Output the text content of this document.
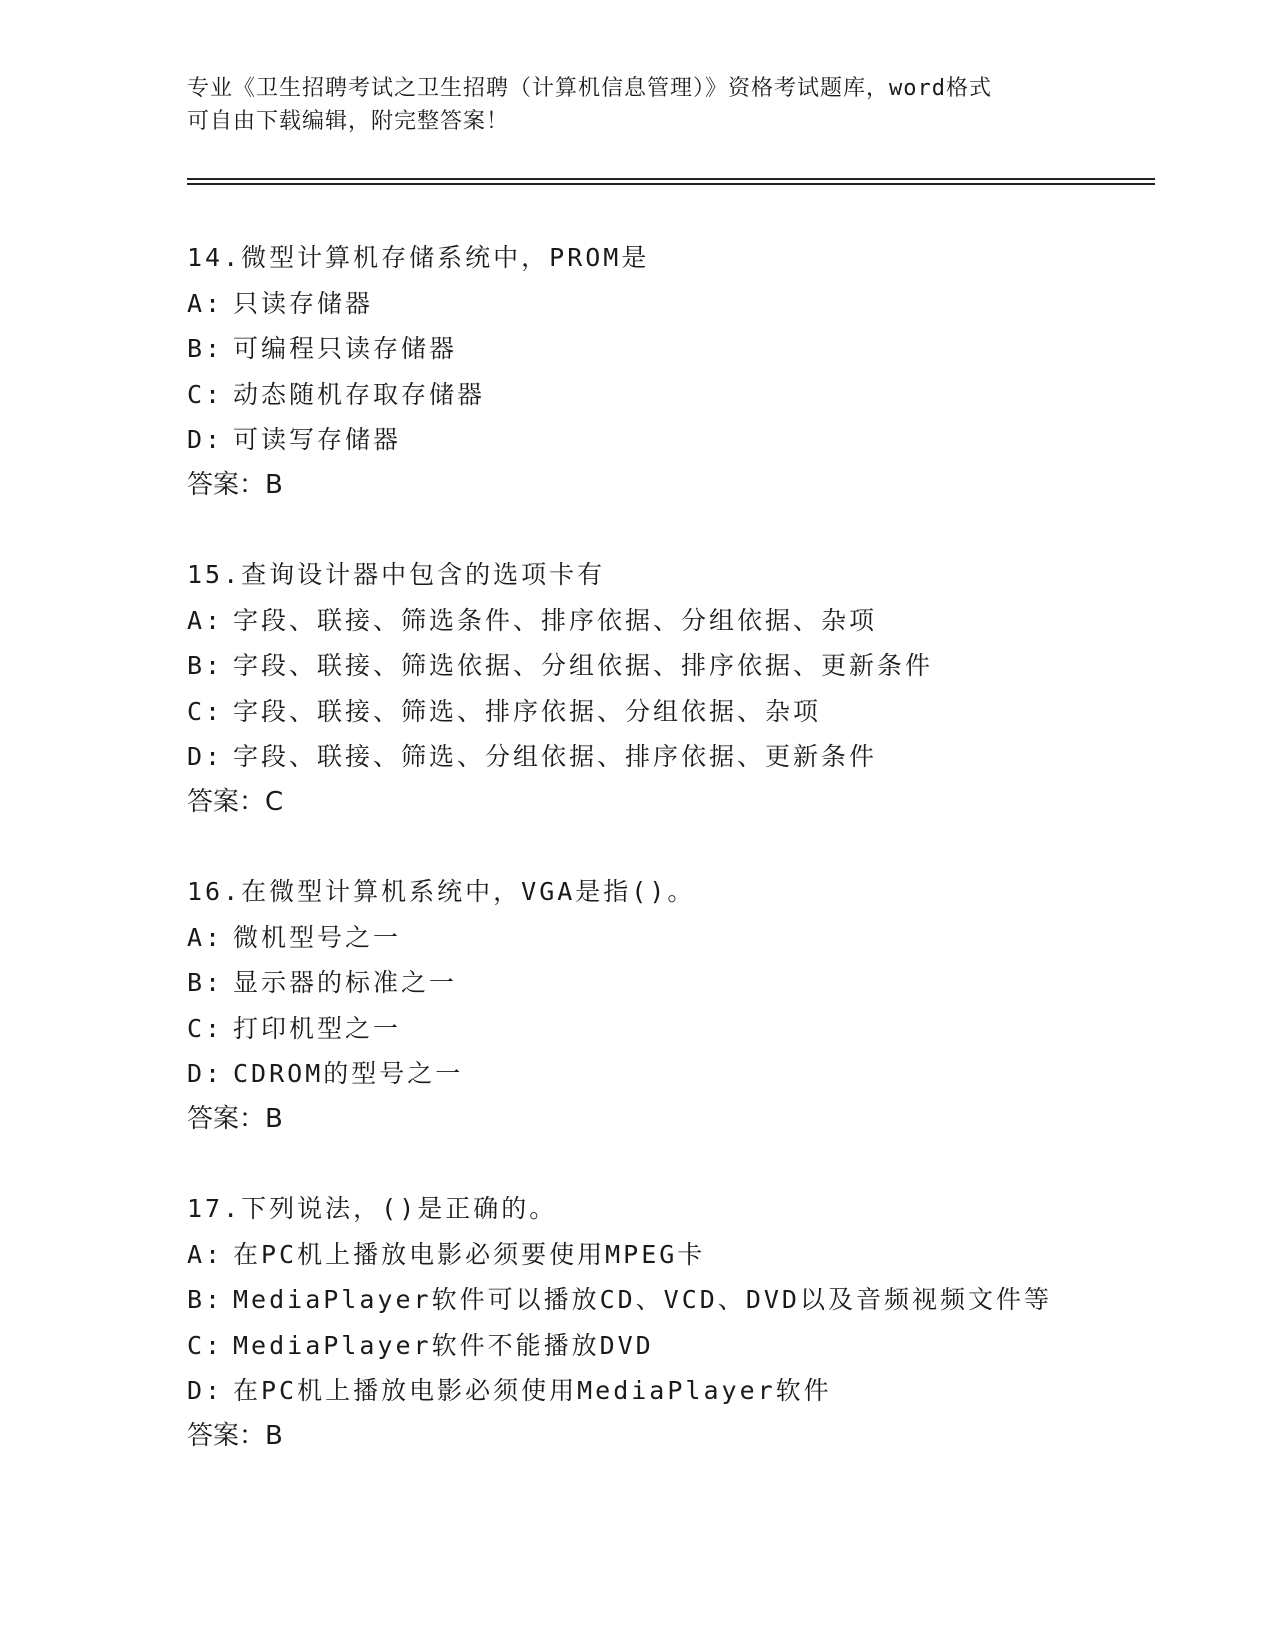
专业《卫生招聘考试之卫生招聘（计算机信息管理）》资格考试题库，word格式
可自由下载编辑，附完整答案！
14.微型计算机存储系统中，PROM是
A: 只读存储器
B: 可编程只读存储器
C: 动态随机存取存储器
D: 可读写存储器
答案：B
15.查询设计器中包含的选项卡有
A: 字段、联接、筛选条件、排序依据、分组依据、杂项
B: 字段、联接、筛选依据、分组依据、排序依据、更新条件
C: 字段、联接、筛选、排序依据、分组依据、杂项
D: 字段、联接、筛选、分组依据、排序依据、更新条件
答案：C
16.在微型计算机系统中，VGA是指()。
A: 微机型号之一
B: 显示器的标准之一
C: 打印机型之一
D: CDROM的型号之一
答案：B
17.下列说法，()是正确的。
A: 在PC机上播放电影必须要使用MPEG卡
B: MediaPlayer软件可以播放CD、VCD、DVD以及音频视频文件等
C: MediaPlayer软件不能播放DVD
D: 在PC机上播放电影必须使用MediaPlayer软件
答案：B
